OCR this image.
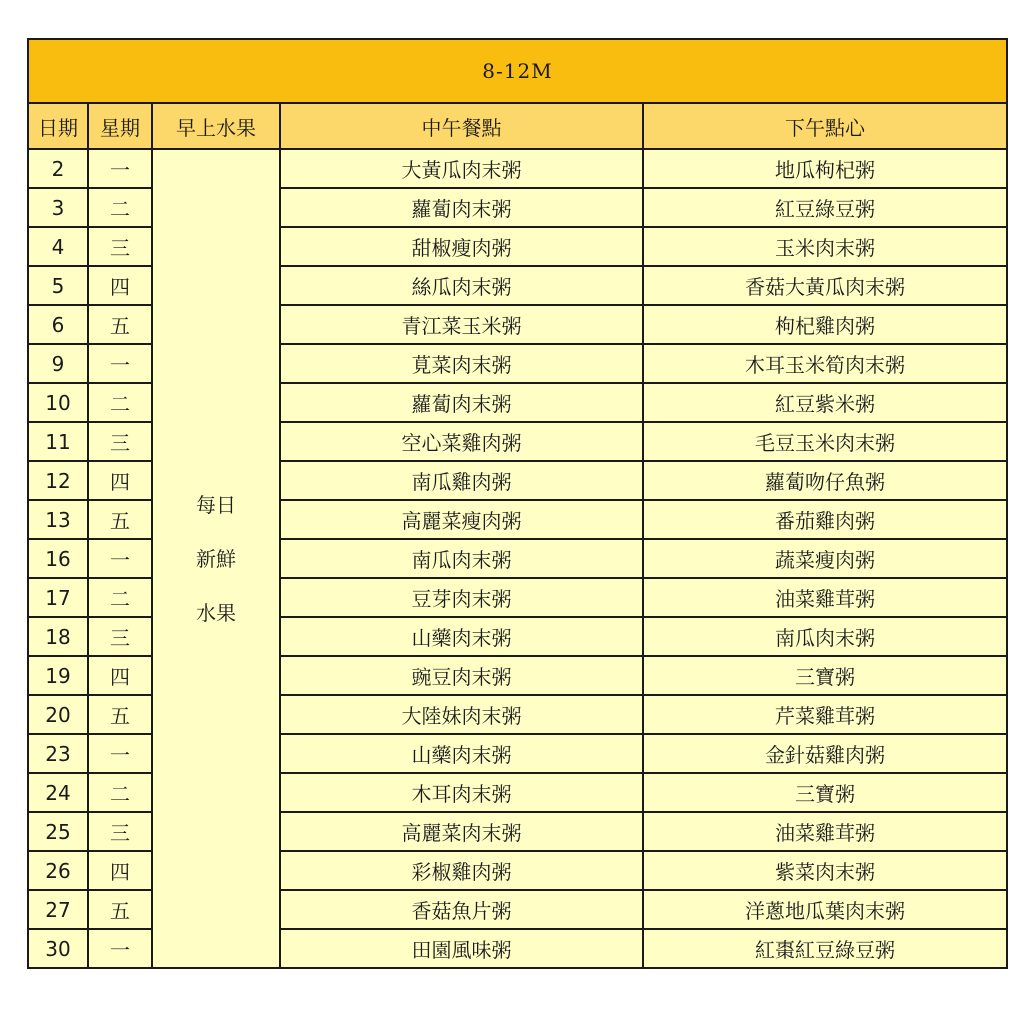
8-12M				
日期	星期	早上水果	中午餐點	下午點心
2	一	每日新鮮水果	大黃瓜肉末粥	地瓜枸杞粥
3	二		蘿蔔肉末粥	紅豆綠豆粥
4	三		甜椒瘦肉粥	玉米肉末粥
5	四		絲瓜肉末粥	香菇大黃瓜肉末粥
6	五		青江菜玉米粥	枸杞雞肉粥
9	一		莧菜肉末粥	木耳玉米筍肉末粥
10	二		蘿蔔肉末粥	紅豆紫米粥
11	三		空心菜雞肉粥	毛豆玉米肉末粥
12	四		南瓜雞肉粥	蘿蔔吻仔魚粥
13	五		高麗菜瘦肉粥	番茄雞肉粥
16	一		南瓜肉末粥	蔬菜瘦肉粥
17	二		豆芽肉末粥	油菜雞茸粥
18	三		山藥肉末粥	南瓜肉末粥
19	四		豌豆肉末粥	三寶粥
20	五		大陸妹肉末粥	芹菜雞茸粥
23	一		山藥肉末粥	金針菇雞肉粥
24	二		木耳肉末粥	三寶粥
25	三		高麗菜肉末粥	油菜雞茸粥
26	四		彩椒雞肉粥	紫菜肉末粥
27	五		香菇魚片粥	洋蔥地瓜葉肉末粥
30	一		田園風味粥	紅棗紅豆綠豆粥
